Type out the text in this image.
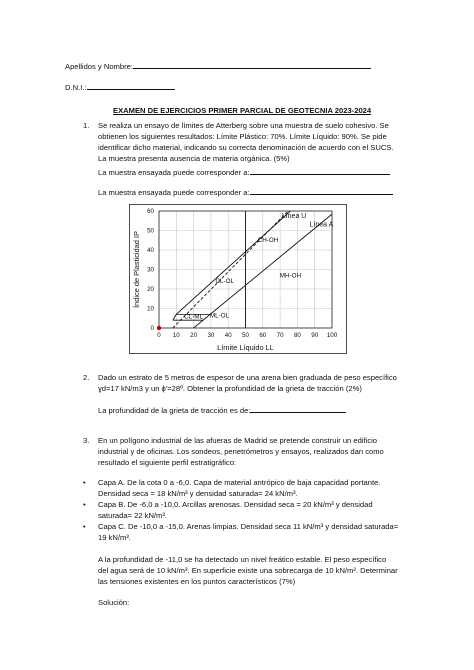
Apellidos y Nombre:
D.N.I.:
EXAMEN DE EJERCICIOS PRIMER PARCIAL DE GEOTECNIA 2023-2024
1. Se realiza un ensayo de límites de Atterberg sobre una muestra de suelo cohesivo. Se
obtienen los siguientes resultados: Límite Plástico: 70%. Límite Líquido: 90%. Se pide
identificar dicho material, indicando su correcta denominación de acuerdo con el SUCS.
La muestra presenta ausencia de materia orgánica. (5%)
La muestra ensayada puede corresponder a:
La muestra ensayada puede corresponder a:
0 10 20 30 40 50 60 70 80 90 100
0
10
20
30
40
50
60
CH-OH
MH-OH
CL-OL
ML-OL
CL-ML
Línea U
Línea A
Límite Líquido LL
Índice de Plasticidad IP
2. Dado un estrato de 5 metros de espesor de una arena bien graduada de peso específico
ɣd=17 kN/m3 y un ϕ'=28º. Obtener la profundidad de la grieta de tracción (2%)
La profundidad de la grieta de tracción es de:
3. En un polígono industrial de las afueras de Madrid se pretende construir un edificio
industrial y de oficinas. Los sondeos, penetrómetros y ensayos, realizados dan como
resultado el siguiente perfil estratigráfico:
• Capa A. De la cota 0 a -6,0. Capa de material antrópico de baja capacidad portante.
Densidad seca = 18 kN/m³ y densidad saturada= 24 kN/m³.
• Capa B. De -6,0 a -10,0. Arcillas arenosas. Densidad seca = 20 kN/m³ y densidad
saturada= 22 kN/m³.
• Capa C. De -10,0 a -15,0. Arenas limpias. Densidad seca 11 kN/m³ y densidad saturada=
19 kN/m³.
A la profundidad de -11,0 se ha detectado un nivel freático estable. El peso específico
del agua será de 10 kN/m³. En superficie existe una sobrecarga de 10 kN/m². Determinar
las tensiones existentes en los puntos característicos (7%)
Solución:
